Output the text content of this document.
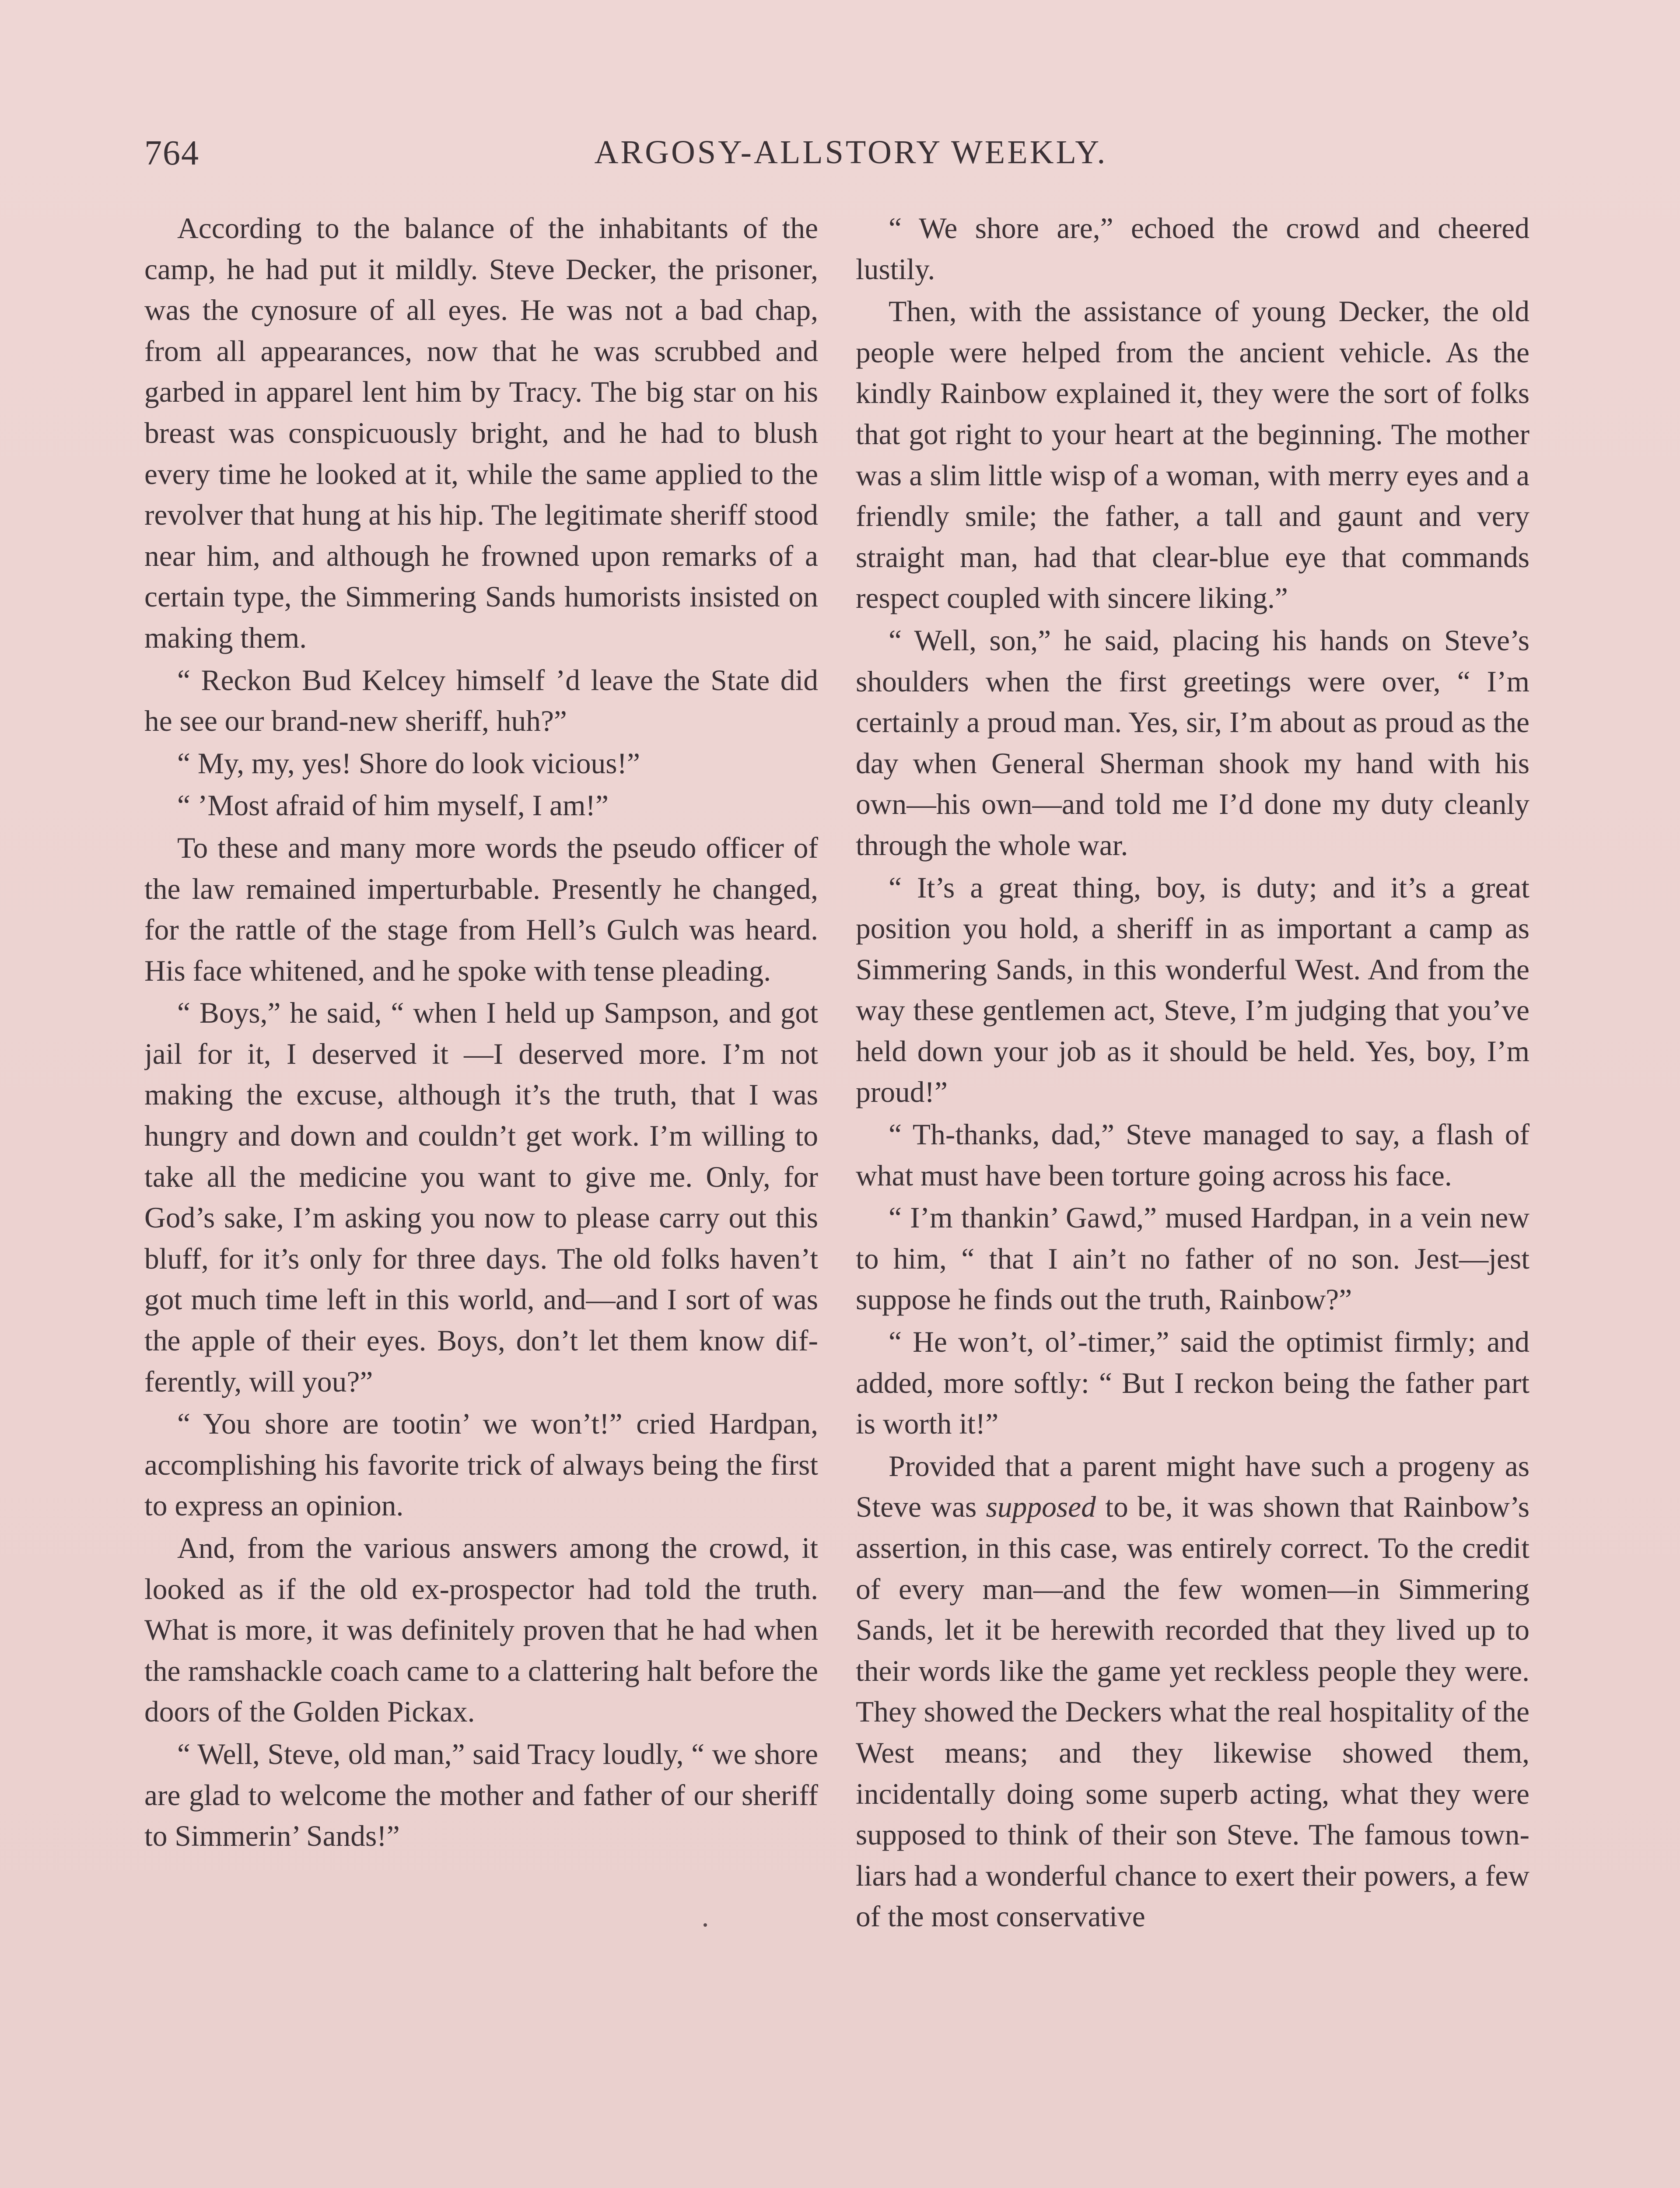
764	ARGOSY-ALLSTORY WEEKLY.

According to the balance of the inhabitants of the camp, he had put it mildly. Steve Decker, the prisoner, was the cynosure of all eyes. He was not a bad chap, from all appearances, now that he was scrubbed and garbed in apparel lent him by Tracy. The big star on his breast was conspicuously bright, and he had to blush every time he looked at it, while the same applied to the revolver that hung at his hip. The legitimate sheriff stood near him, and although he frowned upon remarks of a certain type, the Simmering Sands humorists insisted on making them.

“ Reckon Bud Kelcey himself ’d leave the State did he see our brand-new sheriff, huh?”

“ My, my, yes! Shore do look vicious!”

“ ’Most afraid of him myself, I am!”

To these and many more words the pseudo officer of the law remained imperturbable. Presently he changed, for the rattle of the stage from Hell’s Gulch was heard. His face whitened, and he spoke with tense pleading.

“ Boys,” he said, “ when I held up Sampson, and got jail for it, I deserved it —I deserved more. I’m not making the excuse, although it’s the truth, that I was hungry and down and couldn’t get work. I’m willing to take all the medicine you want to give me. Only, for God’s sake, I’m asking you now to please carry out this bluff, for it’s only for three days. The old folks haven’t got much time left in this world, and—and I sort of was the apple of their eyes. Boys, don’t let them know differently, will you?”

“ You shore are tootin’ we won’t!” cried Hardpan, accomplishing his favorite trick of always being the first to express an opinion.

And, from the various answers among the crowd, it looked as if the old ex-prospector had told the truth. What is more, it was definitely proven that he had when the ramshackle coach came to a clattering halt before the doors of the Golden Pickax.

“ Well, Steve, old man,” said Tracy loudly, “ we shore are glad to welcome the mother and father of our sheriff to Simmerin’ Sands!”

“ We shore are,” echoed the crowd and cheered lustily.

Then, with the assistance of young Decker, the old people were helped from the ancient vehicle. As the kindly Rainbow explained it, they were the sort of folks that got right to your heart at the beginning. The mother was a slim little wisp of a woman, with merry eyes and a friendly smile; the father, a tall and gaunt and very straight man, had that clear-blue eye that commands respect coupled with sincere liking.”

“ Well, son,” he said, placing his hands on Steve’s shoulders when the first greetings were over, “ I’m certainly a proud man. Yes, sir, I’m about as proud as the day when General Sherman shook my hand with his own—his own—and told me I’d done my duty cleanly through the whole war.

“ It’s a great thing, boy, is duty; and it’s a great position you hold, a sheriff in as important a camp as Simmering Sands, in this wonderful West. And from the way these gentlemen act, Steve, I’m judging that you’ve held down your job as it should be held. Yes, boy, I’m proud!”

“ Th-thanks, dad,” Steve managed to say, a flash of what must have been torture going across his face.

“ I’m thankin’ Gawd,” mused Hardpan, in a vein new to him, “ that I ain’t no father of no son. Jest—jest suppose he finds out the truth, Rainbow?”

“ He won’t, ol’-timer,” said the optimist firmly; and added, more softly: “ But I reckon being the father part is worth it!”

Provided that a parent might have such a progeny as Steve was supposed to be, it was shown that Rainbow’s assertion, in this case, was entirely correct. To the credit of every man—and the few women—in Simmering Sands, let it be herewith recorded that they lived up to their words like the game yet reckless people they were. They showed the Deckers what the real hospitality of the West means; and they likewise showed them, incidentally doing some superb acting, what they were supposed to think of their son Steve. The famous town-liars had a wonderful chance to exert their powers, a few of the most conservative
